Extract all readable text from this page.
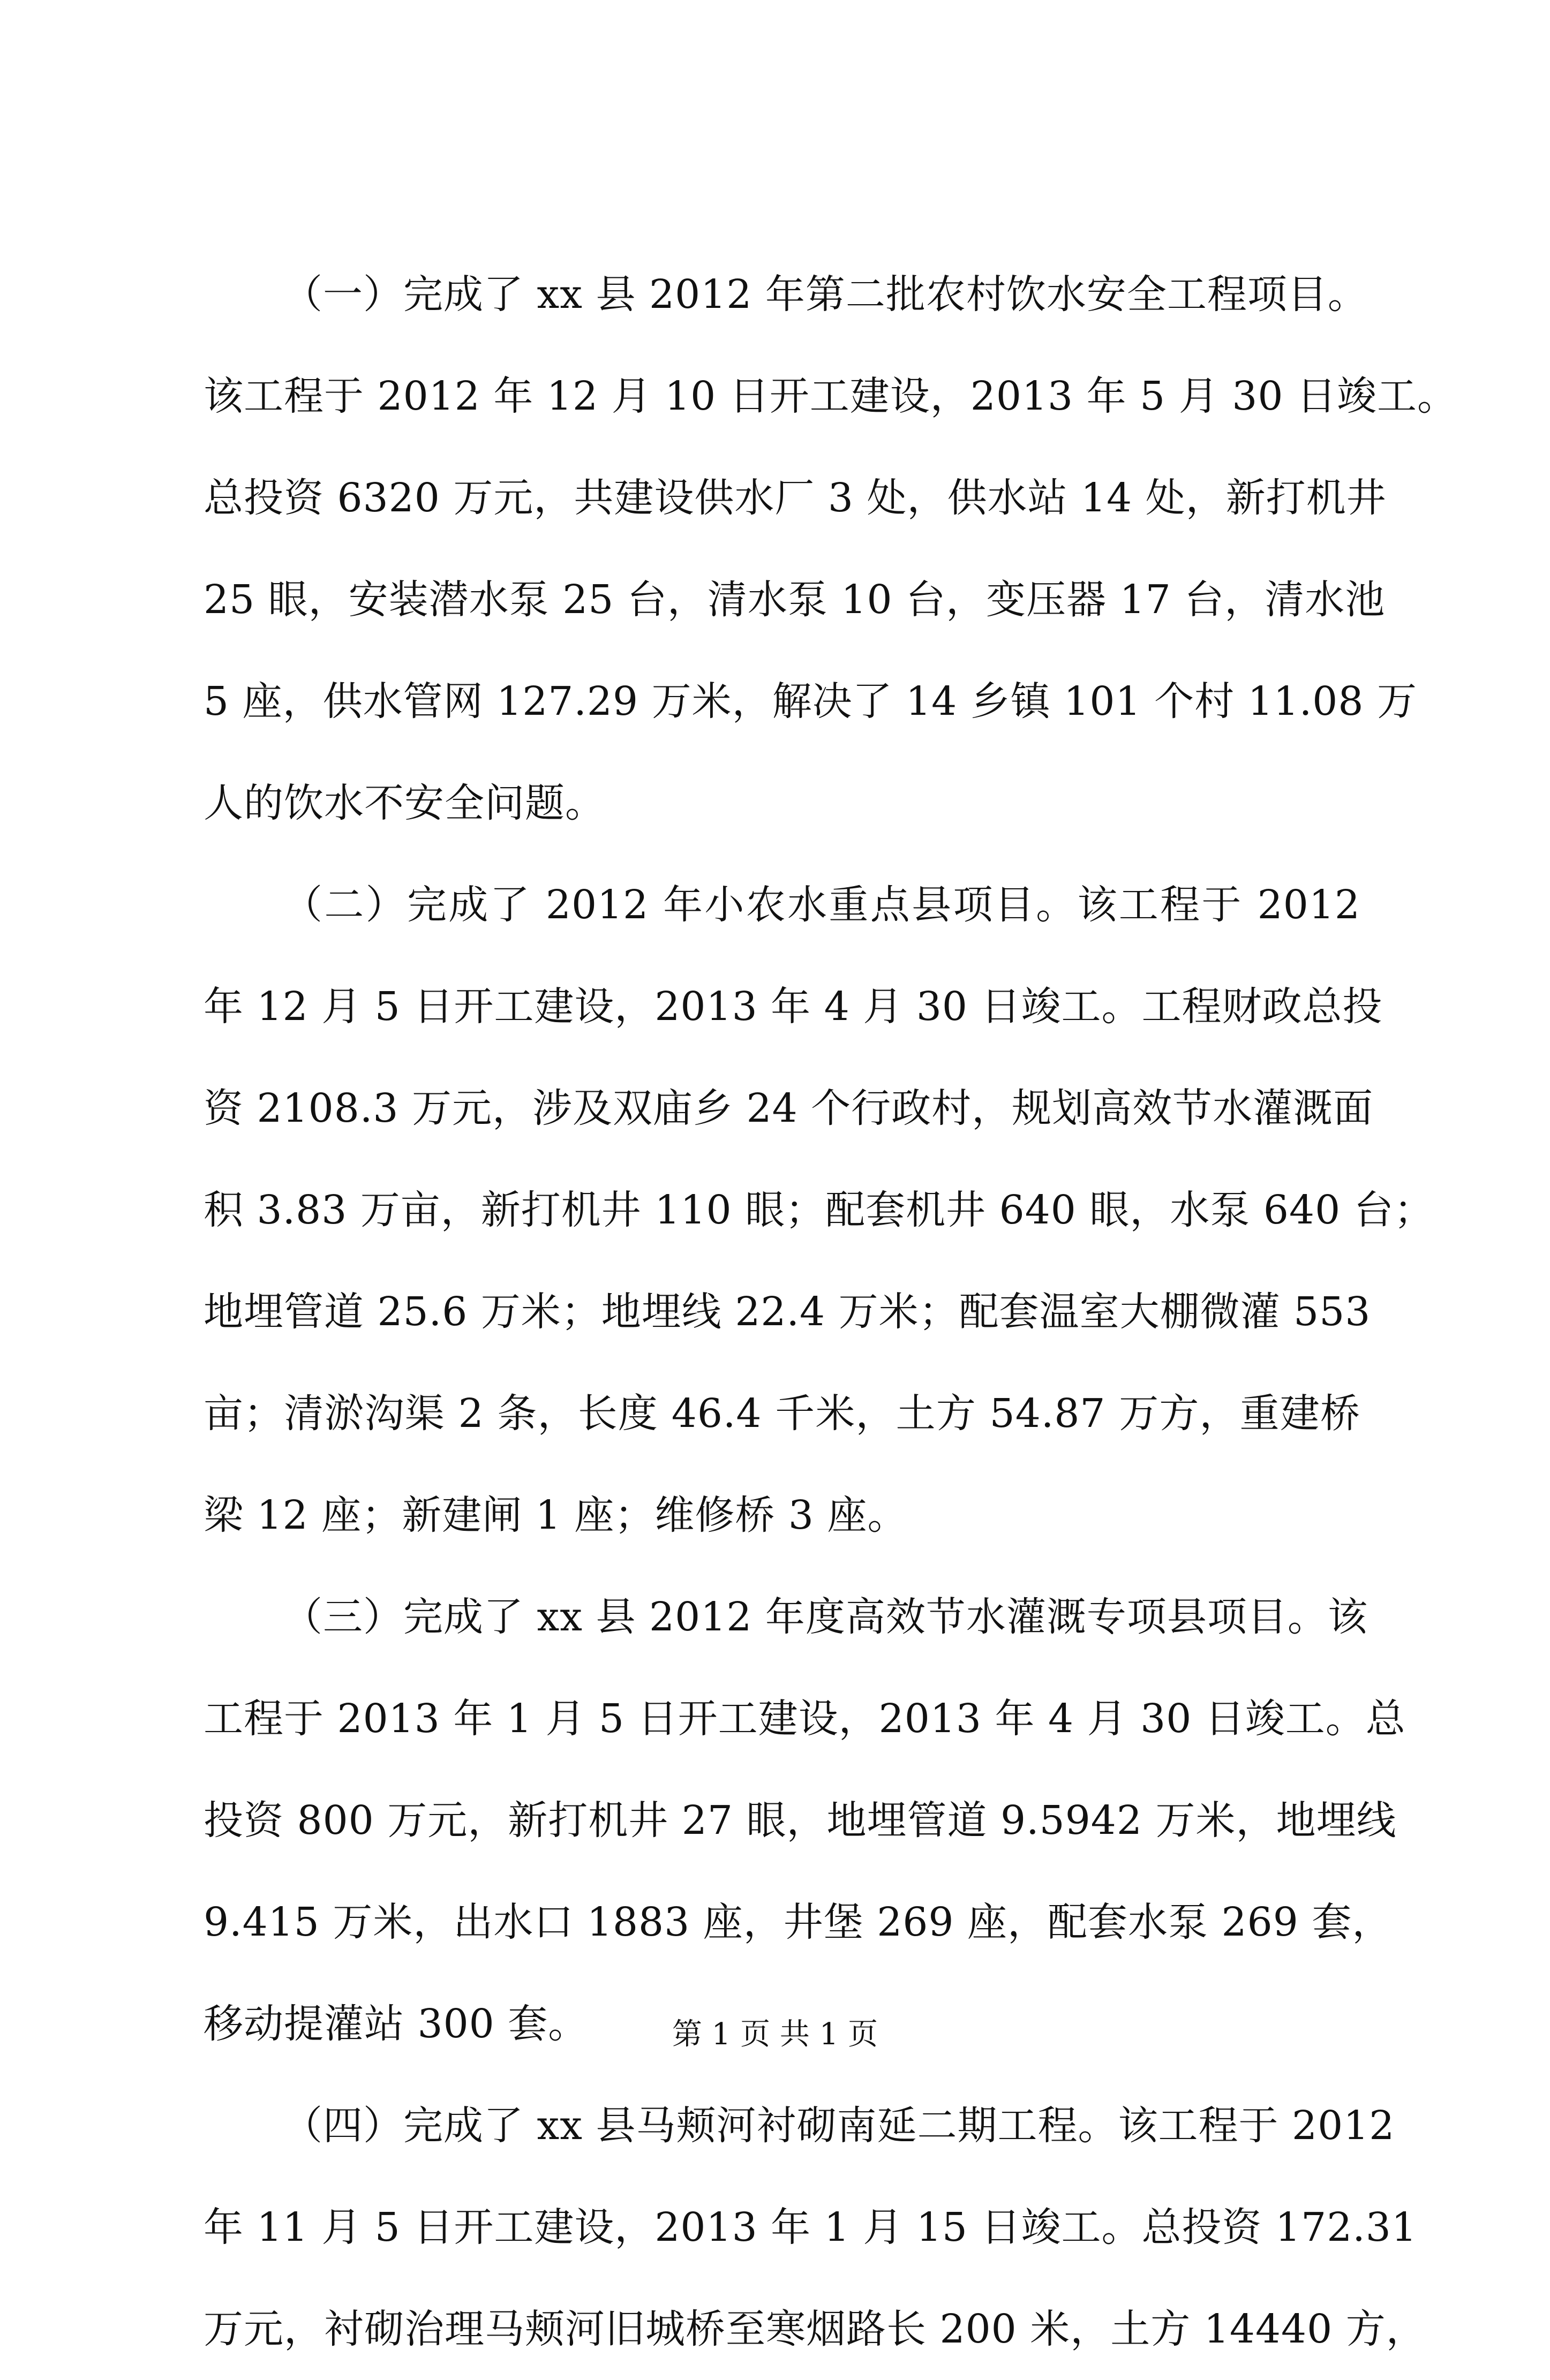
（一）完成了 xx 县 2012 年第二批农村饮水安全工程项目。
该工程于 2012 年 12 月 10 日开工建设，2013 年 5 月 30 日竣工。
总投资 6320 万元，共建设供水厂 3 处，供水站 14 处，新打机井
25 眼，安装潜水泵 25 台，清水泵 10 台，变压器 17 台，清水池
5 座，供水管网 127.29 万米，解决了 14 乡镇 101 个村 11.08 万
人的饮水不安全问题。
（二）完成了 2012 年小农水重点县项目。该工程于 2012
年 12 月 5 日开工建设，2013 年 4 月 30 日竣工。工程财政总投
资 2108.3 万元，涉及双庙乡 24 个行政村，规划高效节水灌溉面
积 3.83 万亩，新打机井 110 眼；配套机井 640 眼，水泵 640 台；
地埋管道 25.6 万米；地埋线 22.4 万米；配套温室大棚微灌 553
亩；清淤沟渠 2 条，长度 46.4 千米，土方 54.87 万方，重建桥
梁 12 座；新建闸 1 座；维修桥 3 座。
（三）完成了 xx 县 2012 年度高效节水灌溉专项县项目。该
工程于 2013 年 1 月 5 日开工建设，2013 年 4 月 30 日竣工。总
投资 800 万元，新打机井 27 眼，地埋管道 9.5942 万米，地埋线
9.415 万米，出水口 1883 座，井堡 269 座，配套水泵 269 套，
移动提灌站 300 套。
（四）完成了 xx 县马颊河衬砌南延二期工程。该工程于 2012
年 11 月 5 日开工建设，2013 年 1 月 15 日竣工。总投资 172.31
万元，衬砌治理马颊河旧城桥至寒烟路长 200 米，土方 14440 方，
第 1 页 共 1 页
